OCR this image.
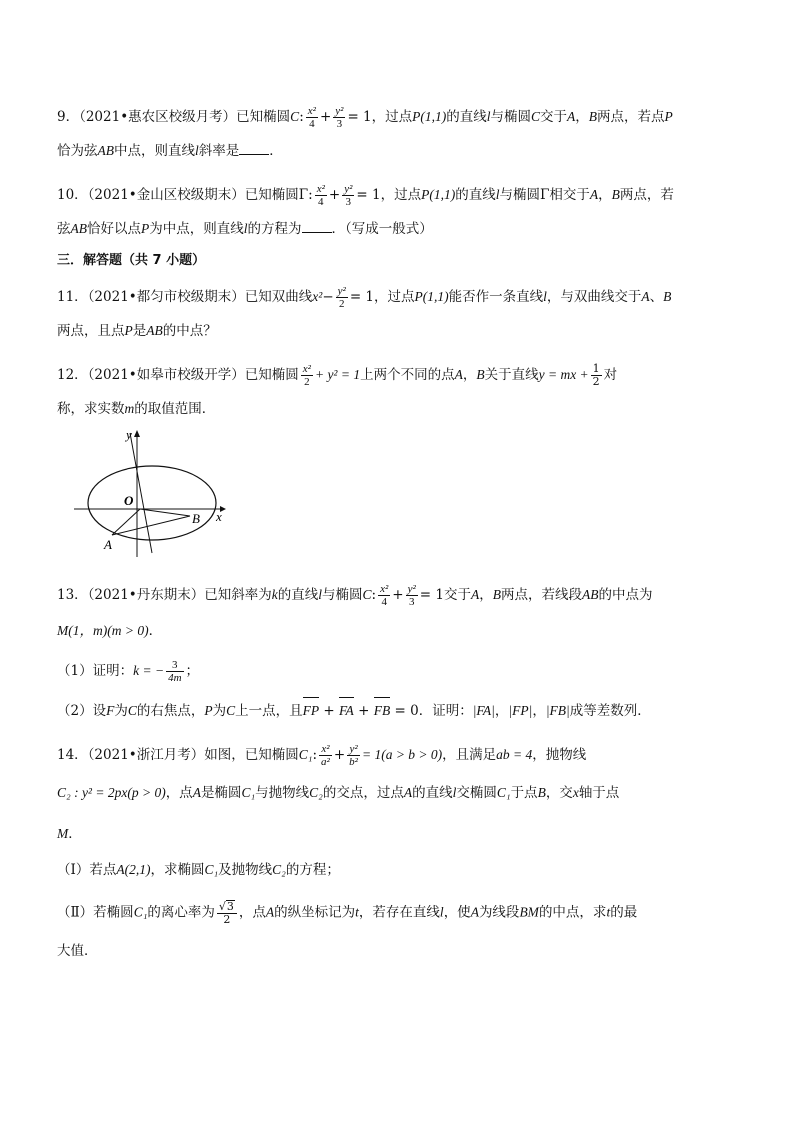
9．（2021•惠农区校级月考）已知椭圆C: $\frac{\text{x²}}{4} + \frac{\text{y²}}{3} = 1$，过点P(1,1)的直线l与椭圆C交于A，B两点，若点P
恰为弦AB中点，则直线l斜率是 ．
10．（2021•金山区校级期末）已知椭圆Γ: $\frac{\text{x²}}{4} + \frac{\text{y²}}{3} = 1$，过点P(1,1)的直线l与椭圆Γ相交于A，B两点，若
弦AB恰好以点P为中点，则直线l的方程为 ．（写成一般式）
三．解答题（共 7 小题）
11．（2021•都匀市校级期末）已知双曲线$x^2- \frac{\text{y²}}{2} = 1$，过点P(1,1)能否作一条直线l，与双曲线交于A、B
两点，且点P是AB的中点？
12．（2021•如皋市校级开学）已知椭圆 $\frac{\text{x²}}{2} + y^2 = 1$上两个不同的点A，B关于直线y = mx + $\frac{1}{2}$ 对
称，求实数m的取值范围．
y
x
O
B
A
13．（2021•丹东期末）已知斜率为k的直线l与椭圆C: $\frac{\text{x²}}{4} + \frac{\text{y²}}{3} = 1$交于A，B两点，若线段AB的中点为
M(1，m)(m > 0)．
（1）证明：k = − $\frac{3}{4m}$ ；
（2）设F为C的右焦点，P为C上一点，且FP + FA + FB = 0．证明：|FA|，|FP|，|FB|成等差数列．
14．（2021•浙江月考）如图，已知椭圆C₁: $\frac{\text{x²}}{\text{a²}} + \frac{\text{y²}}{\text{b²}} = 1(a > b > 0)$，且满足ab = 4，抛物线
C₂ : y² = 2px(p > 0)，点A是椭圆C₁与抛物线C₂的交点，过点A的直线l交椭圆C₁于点B，交x轴于点
M．
（Ⅰ）若点A(2,1)，求椭圆C₁及抛物线C₂的方程；
（Ⅱ）若椭圆C₁的离心率为 $\frac{√3}{2}$ ，点A的纵坐标记为t，若存在直线l，使A为线段BM的中点，求t的最
大值．
